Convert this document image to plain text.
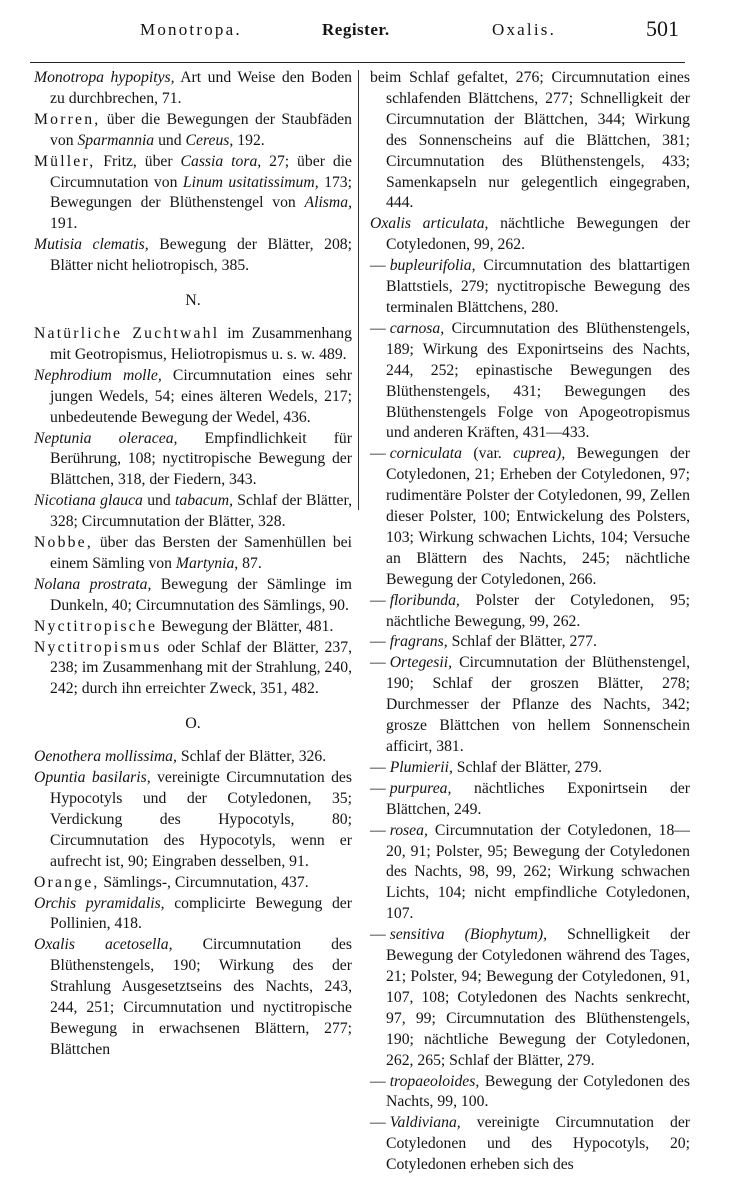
Monotropa.	Register.	Oxalis.	501

Monotropa hypopitys, Art und Weise den Boden zu durchbrechen, 71.

Morren, über die Bewegungen der Staubfäden von Sparmannia und Cereus, 192.

Müller, Fritz, über Cassia tora, 27; über die Circumnutation von Linum usitatissimum, 173; Bewegungen der Blüthenstengel von Alisma, 191.

Mutisia clematis, Bewegung der Blätter, 208; Blätter nicht heliotropisch, 385.

N.

Natürliche Zuchtwahl im Zusammenhang mit Geotropismus, Heliotropismus u. s. w. 489.

Nephrodium molle, Circumnutation eines sehr jungen Wedels, 54; eines älteren Wedels, 217; unbedeutende Bewegung der Wedel, 436.

Neptunia oleracea, Empfindlichkeit für Berührung, 108; nyctitropische Bewegung der Blättchen, 318, der Fiedern, 343.

Nicotiana glauca und tabacum, Schlaf der Blätter, 328; Circumnutation der Blätter, 328.

Nobbe, über das Bersten der Samenhüllen bei einem Sämling von Martynia, 87.

Nolana prostrata, Bewegung der Sämlinge im Dunkeln, 40; Circumnutation des Sämlings, 90.

Nyctitropische Bewegung der Blätter, 481.

Nyctitropismus oder Schlaf der Blätter, 237, 238; im Zusammenhang mit der Strahlung, 240, 242; durch ihn erreichter Zweck, 351, 482.

O.

Oenothera mollissima, Schlaf der Blätter, 326.

Opuntia basilaris, vereinigte Circumnutation des Hypocotyls und der Cotyledonen, 35; Verdickung des Hypocotyls, 80; Circumnutation des Hypocotyls, wenn er aufrecht ist, 90; Eingraben desselben, 91.

Orange, Sämlings-, Circumnutation, 437.

Orchis pyramidalis, complicirte Bewegung der Pollinien, 418.

Oxalis acetosella, Circumnutation des Blüthenstengels, 190; Wirkung des der Strahlung Ausgesetztseins des Nachts, 243, 244, 251; Circumnutation und nyctitropische Bewegung in erwachsenen Blättern, 277; Blättchen

beim Schlaf gefaltet, 276; Circumnutation eines schlafenden Blättchens, 277; Schnelligkeit der Circumnutation der Blättchen, 344; Wirkung des Sonnenscheins auf die Blättchen, 381; Circumnutation des Blüthenstengels, 433; Samenkapseln nur gelegentlich eingegraben, 444.

Oxalis articulata, nächtliche Bewegungen der Cotyledonen, 99, 262.

— bupleurifolia, Circumnutation des blattartigen Blattstiels, 279; nyctitropische Bewegung des terminalen Blättchens, 280.

— carnosa, Circumnutation des Blüthenstengels, 189; Wirkung des Exponirtseins des Nachts, 244, 252; epinastische Bewegungen des Blüthenstengels, 431; Bewegungen des Blüthenstengels Folge von Apogeotropismus und anderen Kräften, 431—433.

— corniculata (var. cuprea), Bewegungen der Cotyledonen, 21; Erheben der Cotyledonen, 97; rudimentäre Polster der Cotyledonen, 99, Zellen dieser Polster, 100; Entwickelung des Polsters, 103; Wirkung schwachen Lichts, 104; Versuche an Blättern des Nachts, 245; nächtliche Bewegung der Cotyledonen, 266.

— floribunda, Polster der Cotyledonen, 95; nächtliche Bewegung, 99, 262.

— fragrans, Schlaf der Blätter, 277.

— Ortegesii, Circumnutation der Blüthenstengel, 190; Schlaf der groszen Blätter, 278; Durchmesser der Pflanze des Nachts, 342; grosze Blättchen von hellem Sonnenschein afficirt, 381.

— Plumierii, Schlaf der Blätter, 279.

— purpurea, nächtliches Exponirtsein der Blättchen, 249.

— rosea, Circumnutation der Cotyledonen, 18—20, 91; Polster, 95; Bewegung der Cotyledonen des Nachts, 98, 99, 262; Wirkung schwachen Lichts, 104; nicht empfindliche Cotyledonen, 107.

— sensitiva (Biophytum), Schnelligkeit der Bewegung der Cotyledonen während des Tages, 21; Polster, 94; Bewegung der Cotyledonen, 91, 107, 108; Cotyledonen des Nachts senkrecht, 97, 99; Circumnutation des Blüthenstengels, 190; nächtliche Bewegung der Cotyledonen, 262, 265; Schlaf der Blätter, 279.

— tropaeoloides, Bewegung der Cotyledonen des Nachts, 99, 100.

— Valdiviana, vereinigte Circumnutation der Cotyledonen und des Hypocotyls, 20; Cotyledonen erheben sich des
